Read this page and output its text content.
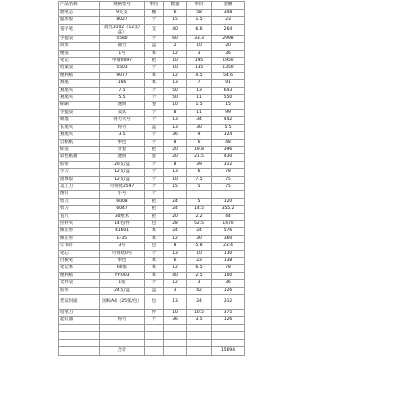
产品名称	规格型号	单位	数量	单价	金额	
油笔芯	9元支	桶	6	58	348	
隐形胶	8027	个	15	1.5	23	
签字笔	晨光3102（12支/盒）	支	40	6.6	264	
手提袋	5580	个	60	33.3	2998	
回形	镀力	盒	2	10	20	
便签	1号	本	12	3	36	
笔记	中滑0097	把	10	195	1950	
档案袋	5503	个	10	135	1350	
便利贴	9077	本	12	4.5	54.6	
燕尾	166	本	13	7	91	
燕尾夹	7.5	个	50	13	643	
燕尾夹	5.5	个	50	11	550	
标刷	透明	卷	10	1.5	15	
手提袋	卖式	个	8	11	99	
喷墨	得力大号	个	13	34	442	
长尾夹	得力	盒	13	30	5.5	
燕尾夹	3.5	个	36	9	324	
自粘纸	单色	个	8	6	48	
标签	牙套	把	20	19.8	396	
彩色纸板	透明	套	20	21.5	430	
胶带	20支/盒	个	8	39	312	
小刀	12支/盒	个	13	6	78	
固体胶	12支/盒	个	10	7.5	75	
美工刀	可得优2597	个	15	5	75	
图钉	小号	个				
剪刀	6008	把	24	5	120	
剪刀	6047	把	24	14.5	355.2	
直尺	30厘米	把	20	2.2	44	
拉杆夹	14毛/件	包	28	52.5	1470	
修正带	41601	本	24	24	576	
修正带	E-35	本	12	30	360	
订书针	3号	包	8	5.8	23.4	
笔芯	可得优0号	个	13	10	130	
白板笔	单色	本	6	23	138	
笔记本	60张	本	12	6.5	78	
便利贴	YY-003	本	40	2.5	100	
文件袋	1张	个	12	3	36	
胶水	24支/盒	盒	3	42	126	
凭证封面	国标A4（25张/包）	包	13	24	312	
铅笔刀		件	10	10.5	375	
起钉器	得力	个	36	3.5	126	

	合计				15694	
